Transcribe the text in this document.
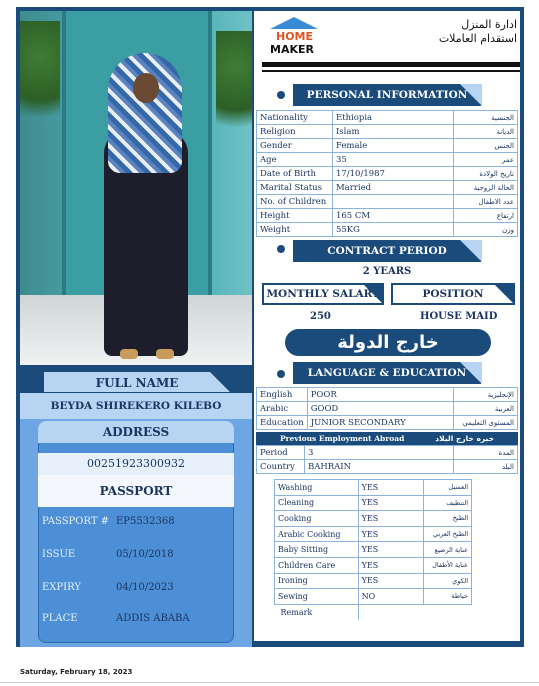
FULL NAME
BEYDA SHIREKERO KILEBO
ADDRESS
00251923300932
PASSPORT
PASSPORT # EP5532368
ISSUE	05/10/2018
EXPIRY	04/10/2023
PLACE	ADDIS ABABA
HOME
MAKER
ادارة المنزل
استقدام العاملات
PERSONAL INFORMATION
Nationality	Ethiopia	الجنسية
Religion	Islam	الديانة
Gender	Female	الجنس
Age	35	عمر
Date of Birth	17/10/1987	تاريخ الولادة
Marital Status	Married	الحالة الزوجية
No. of Children		عدد الاطفال
Height	165 CM	ارتفاع
Weight	55KG	وزن
CONTRACT PERIOD
2 YEARS
MONTHLY SALARY	POSITION
250	HOUSE MAID
خارج الدولة
LANGUAGE & EDUCATION
English	POOR	الإنجليزية
Arabic	GOOD	العربية
Education	JUNIOR SECONDARY	المستوى التعليمي
Previous Employment Abroad	خبره خارج البلاد
Period	3	المدة
Country	BAHRAIN	البلد
Washing	YES	الغسيل
Cleaning	YES	التنظيف
Cooking	YES	الطبخ
Arabic Cooking	YES	الطبخ العربي
Baby Sitting	YES	عناية الرضيع
Children Care	YES	عناية الأطفال
Ironing	YES	الكوي
Sewing	NO	خياطة
Remark		
Saturday, February 18, 2023
